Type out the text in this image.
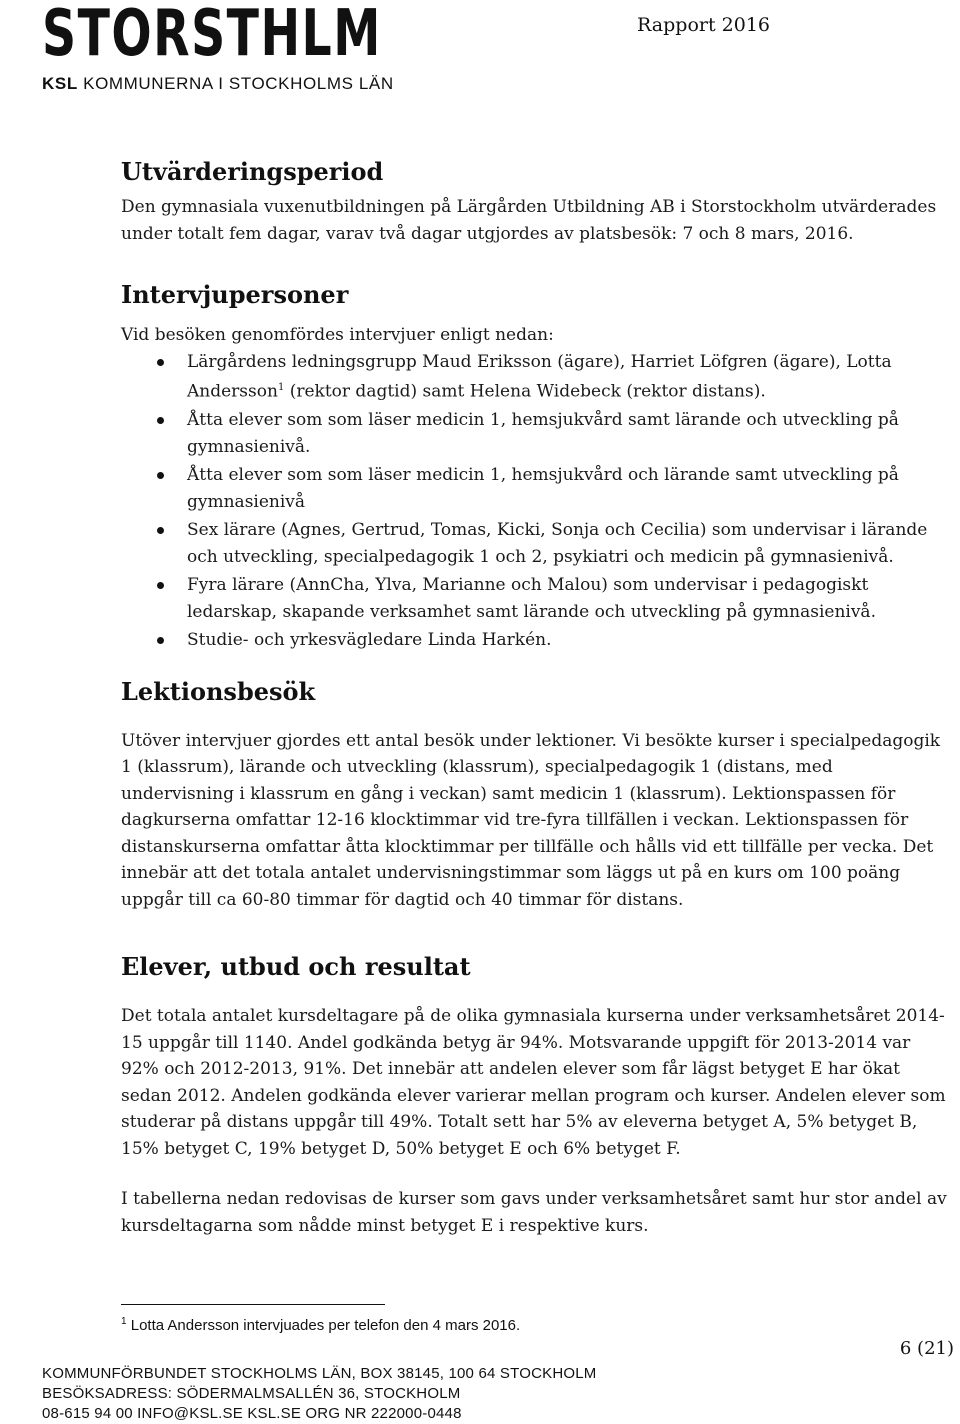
STORSTHLM
KSL KOMMUNERNA I STOCKHOLMS LÄN
Rapport 2016
Utvärderingsperiod

Den gymnasiala vuxenutbildningen på Lärgården Utbildning AB i Storstockholm utvärderades under totalt fem dagar, varav två dagar utgjordes av platsbesök: 7 och 8 mars, 2016.

Intervjupersoner

Vid besöken genomfördes intervjuer enligt nedan:

Lärgårdens ledningsgrupp Maud Eriksson (ägare), Harriet Löfgren (ägare), Lotta Andersson$^1$ (rektor dagtid) samt Helena Widebeck (rektor distans).
Åtta elever som som läser medicin 1, hemsjukvård samt lärande och utveckling på gymnasienivå.
Åtta elever som som läser medicin 1, hemsjukvård och lärande samt utveckling på gymnasienivå
Sex lärare (Agnes, Gertrud, Tomas, Kicki, Sonja och Cecilia) som undervisar i lärande och utveckling, specialpedagogik 1 och 2, psykiatri och medicin på gymnasienivå.
Fyra lärare (AnnCha, Ylva, Marianne och Malou) som undervisar i pedagogiskt ledarskap, skapande verksamhet samt lärande och utveckling på gymnasienivå.
Studie- och yrkesvägledare Linda Harkén.
Lektionsbesök

Utöver intervjuer gjordes ett antal besök under lektioner. Vi besökte kurser i specialpedagogik 1 (klassrum), lärande och utveckling (klassrum), specialpedagogik 1 (distans, med undervisning i klassrum en gång i veckan) samt medicin 1 (klassrum). Lektionspassen för dagkurserna omfattar 12-16 klocktimmar vid tre-fyra tillfällen i veckan. Lektionspassen för distanskurserna omfattar åtta klocktimmar per tillfälle och hålls vid ett tillfälle per vecka. Det innebär att det totala antalet undervisningstimmar som läggs ut på en kurs om 100 poäng uppgår till ca 60-80 timmar för dagtid och 40 timmar för distans.

Elever, utbud och resultat

Det totala antalet kursdeltagare på de olika gymnasiala kurserna under verksamhetsåret 2014-15 uppgår till 1140. Andel godkända betyg är 94%. Motsvarande uppgift för 2013-2014 var 92% och 2012-2013, 91%. Det innebär att andelen elever som får lägst betyget E har ökat sedan 2012. Andelen godkända elever varierar mellan program och kurser. Andelen elever som studerar på distans uppgår till 49%. Totalt sett har 5% av eleverna betyget A, 5% betyget B, 15% betyget C, 19% betyget D, 50% betyget E och 6% betyget F.

I tabellerna nedan redovisas de kurser som gavs under verksamhetsåret samt hur stor andel av kursdeltagarna som nådde minst betyget E i respektive kurs.

$^1$ Lotta Andersson intervjuades per telefon den 4 mars 2016.
6 (21)
KOMMUNFÖRBUNDET STOCKHOLMS LÄN, BOX 38145, 100 64 STOCKHOLM
BESÖKSADRESS: SÖDERMALMSALLÉN 36, STOCKHOLM
08-615 94 00 INFO@KSL.SE KSL.SE ORG NR 222000-0448
